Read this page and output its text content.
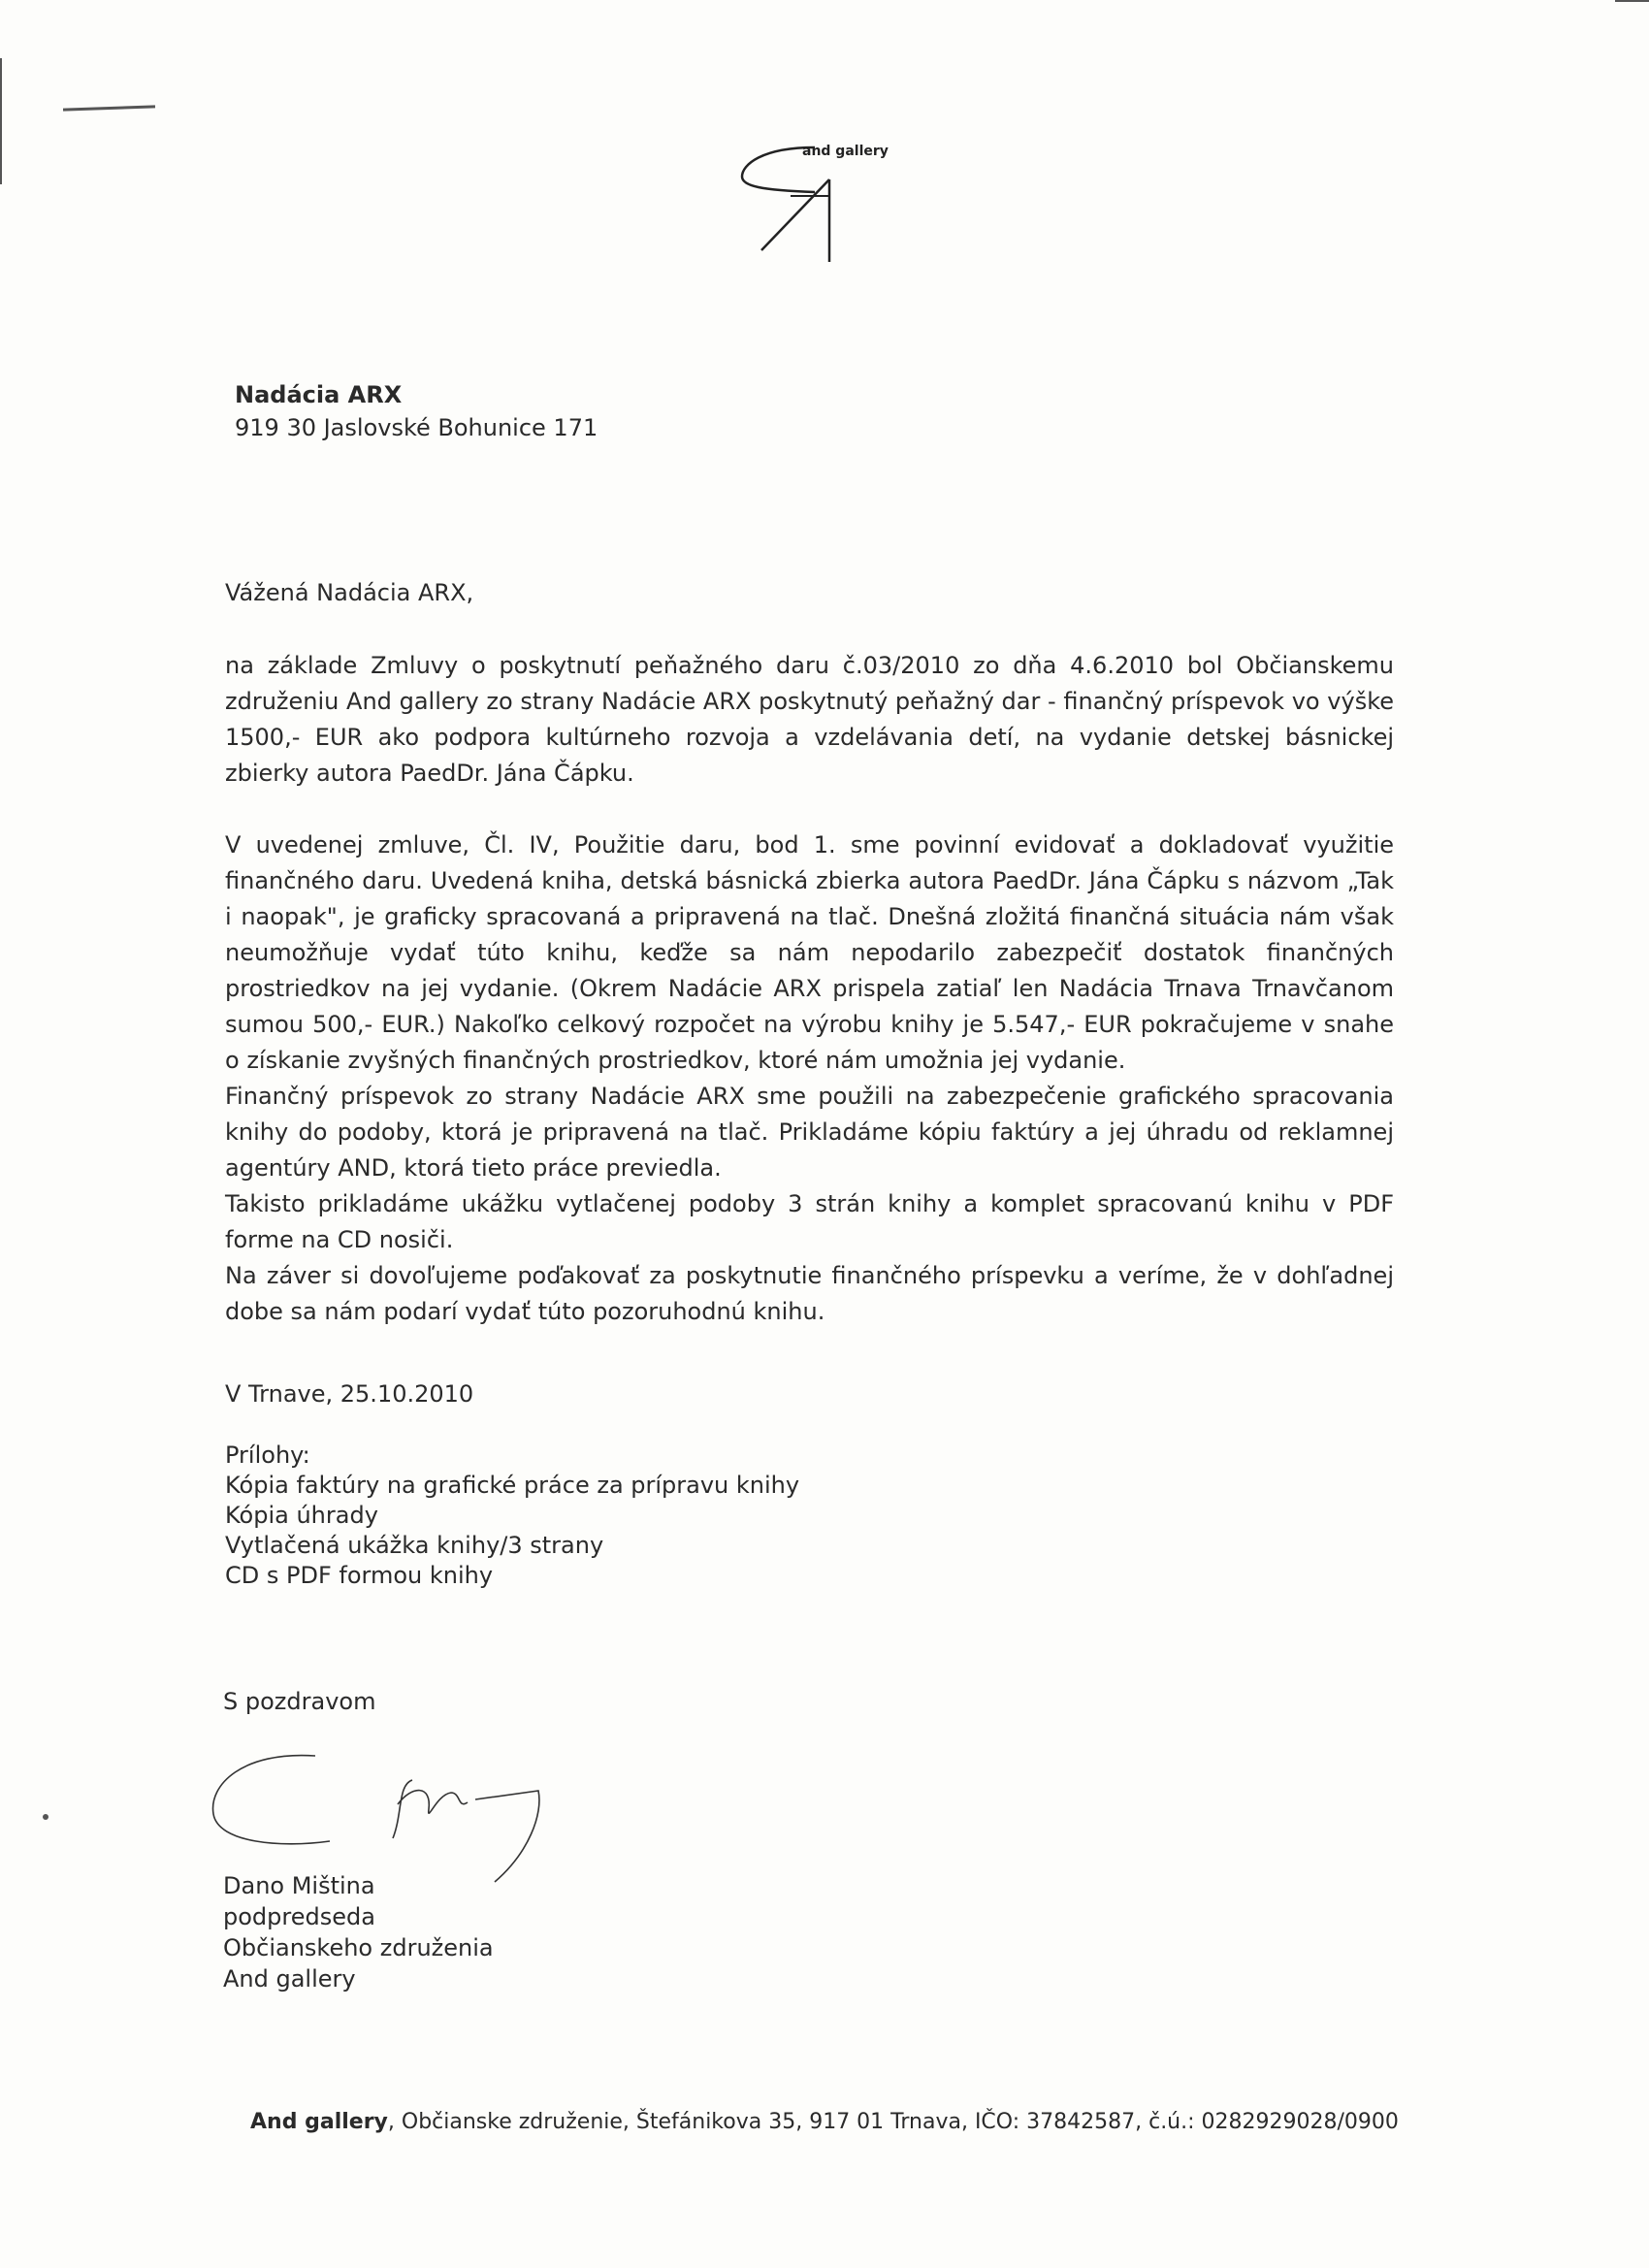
and gallery
Nadácia ARX
919 30 Jaslovské Bohunice 171
Vážená Nadácia ARX,

na základe Zmluvy o poskytnutí peňažného daru č.03/2010 zo dňa 4.6.2010 bol Občianskemu združeniu And gallery zo strany Nadácie ARX poskytnutý peňažný dar - finančný príspevok vo výške 1500,- EUR ako podpora kultúrneho rozvoja a vzdelávania detí, na vydanie detskej básnickej zbierky autora PaedDr. Jána Čápku.

V uvedenej zmluve, Čl. IV, Použitie daru, bod 1. sme povinní evidovať a dokladovať využitie finančného daru. Uvedená kniha, detská básnická zbierka autora PaedDr. Jána Čápku s názvom „Tak i naopak", je graficky spracovaná a pripravená na tlač. Dnešná zložitá finančná situácia nám však neumožňuje vydať túto knihu, keďže sa nám nepodarilo zabezpečiť dostatok finančných prostriedkov na jej vydanie. (Okrem Nadácie ARX prispela zatiaľ len Nadácia Trnava Trnavčanom sumou 500,- EUR.) Nakoľko celkový rozpočet na výrobu knihy je 5.547,- EUR pokračujeme v snahe o získanie zvyšných finančných prostriedkov, ktoré nám umožnia jej vydanie.

Finančný príspevok zo strany Nadácie ARX sme použili na zabezpečenie grafického spracovania knihy do podoby, ktorá je pripravená na tlač. Prikladáme kópiu faktúry a jej úhradu od reklamnej agentúry AND, ktorá tieto práce previedla.

Takisto prikladáme ukážku vytlačenej podoby 3 strán knihy a komplet spracovanú knihu v PDF forme na CD nosiči.

Na záver si dovoľujeme poďakovať za poskytnutie finančného príspevku a veríme, že v dohľadnej dobe sa nám podarí vydať túto pozoruhodnú knihu.

V Trnave, 25.10.2010
Prílohy:
Kópia faktúry na grafické práce za prípravu knihy
Kópia úhrady
Vytlačená ukážka knihy/3 strany
CD s PDF formou knihy
S pozdravom
Dano Miština
podpredseda
Občianskeho združenia
And gallery
And gallery, Občianske združenie, Štefánikova 35, 917 01 Trnava, IČO: 37842587, č.ú.: 0282929028/0900
